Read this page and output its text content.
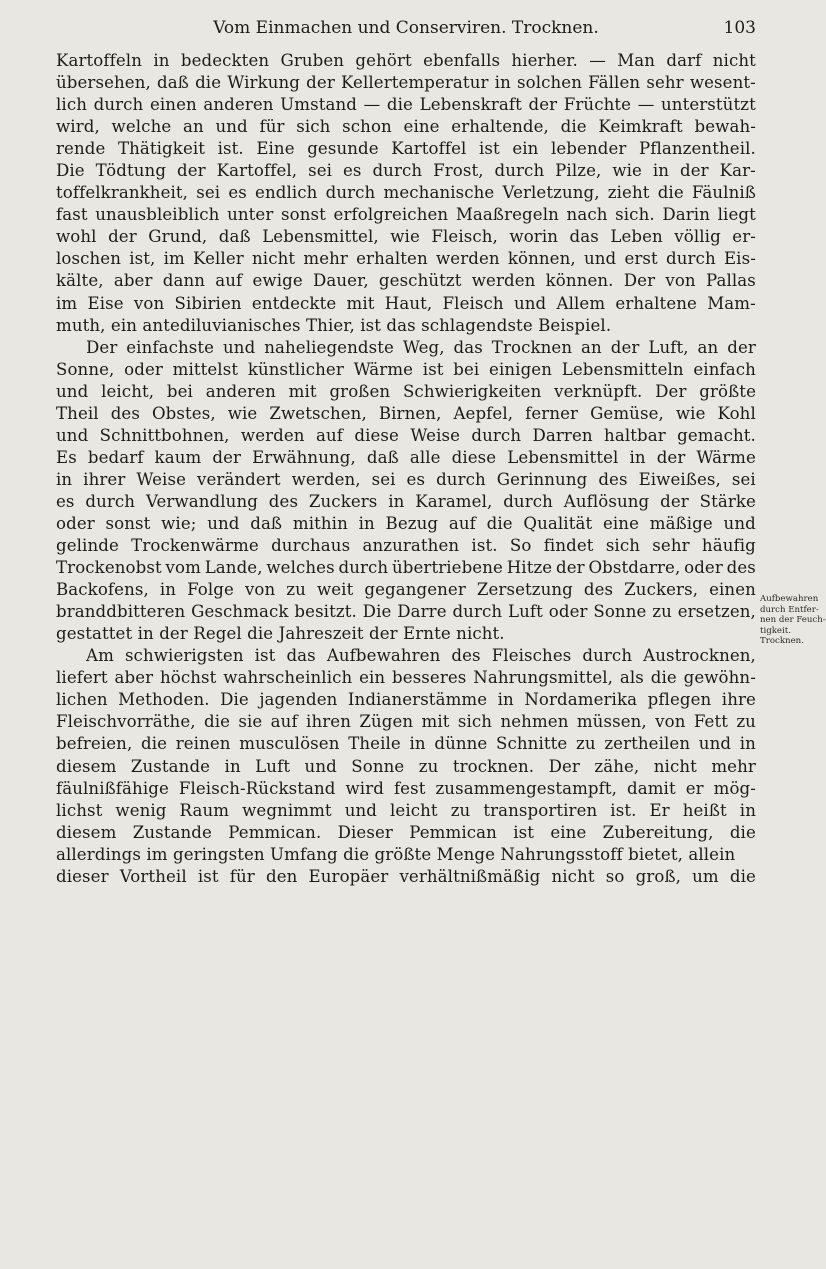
Vom Einmachen und Conserviren. Trocknen.	103
Kartoffeln in bedeckten Gruben gehört ebenfalls hierher. — Man darf nicht
übersehen, daß die Wirkung der Kellertemperatur in solchen Fällen sehr wesent-
lich durch einen anderen Umstand — die Lebenskraft der Früchte — unterstützt
wird, welche an und für sich schon eine erhaltende, die Keimkraft bewah-
rende Thätigkeit ist. Eine gesunde Kartoffel ist ein lebender Pflanzentheil.
Die Tödtung der Kartoffel, sei es durch Frost, durch Pilze, wie in der Kar-
toffelkrankheit, sei es endlich durch mechanische Verletzung, zieht die Fäulniß
fast unausbleiblich unter sonst erfolgreichen Maaßregeln nach sich. Darin liegt
wohl der Grund, daß Lebensmittel, wie Fleisch, worin das Leben völlig er-
loschen ist, im Keller nicht mehr erhalten werden können, und erst durch Eis-
kälte, aber dann auf ewige Dauer, geschützt werden können. Der von Pallas
im Eise von Sibirien entdeckte mit Haut, Fleisch und Allem erhaltene Mam-
muth, ein antediluvianisches Thier, ist das schlagendste Beispiel.
Der einfachste und naheliegendste Weg, das Trocknen an der Luft, an der
Sonne, oder mittelst künstlicher Wärme ist bei einigen Lebensmitteln einfach
und leicht, bei anderen mit großen Schwierigkeiten verknüpft. Der größte
Theil des Obstes, wie Zwetschen, Birnen, Aepfel, ferner Gemüse, wie Kohl
und Schnittbohnen, werden auf diese Weise durch Darren haltbar gemacht.
Es bedarf kaum der Erwähnung, daß alle diese Lebensmittel in der Wärme
in ihrer Weise verändert werden, sei es durch Gerinnung des Eiweißes, sei
es durch Verwandlung des Zuckers in Karamel, durch Auflösung der Stärke
oder sonst wie; und daß mithin in Bezug auf die Qualität eine mäßige und
gelinde Trockenwärme durchaus anzurathen ist. So findet sich sehr häufig
Trockenobst vom Lande, welches durch übertriebene Hitze der Obstdarre, oder des
Backofens, in Folge von zu weit gegangener Zersetzung des Zuckers, einen
branddbitteren Geschmack besitzt. Die Darre durch Luft oder Sonne zu ersetzen,
gestattet in der Regel die Jahreszeit der Ernte nicht.
Am schwierigsten ist das Aufbewahren des Fleisches durch Austrocknen,
liefert aber höchst wahrscheinlich ein besseres Nahrungsmittel, als die gewöhn-
lichen Methoden. Die jagenden Indianerstämme in Nordamerika pflegen ihre
Fleischvorräthe, die sie auf ihren Zügen mit sich nehmen müssen, von Fett zu
befreien, die reinen musculösen Theile in dünne Schnitte zu zertheilen und in
diesem Zustande in Luft und Sonne zu trocknen. Der zähe, nicht mehr
fäulnißfähige Fleisch-Rückstand wird fest zusammengestampft, damit er mög-
lichst wenig Raum wegnimmt und leicht zu transportiren ist. Er heißt in
diesem Zustande Pemmican. Dieser Pemmican ist eine Zubereitung, die
allerdings im geringsten Umfang die größte Menge Nahrungsstoff bietet, allein
dieser Vortheil ist für den Europäer verhältnißmäßig nicht so groß, um die
Aufbewahren
durch Entfer-
nen der Feuch-
tigkeit.
Trocknen.
